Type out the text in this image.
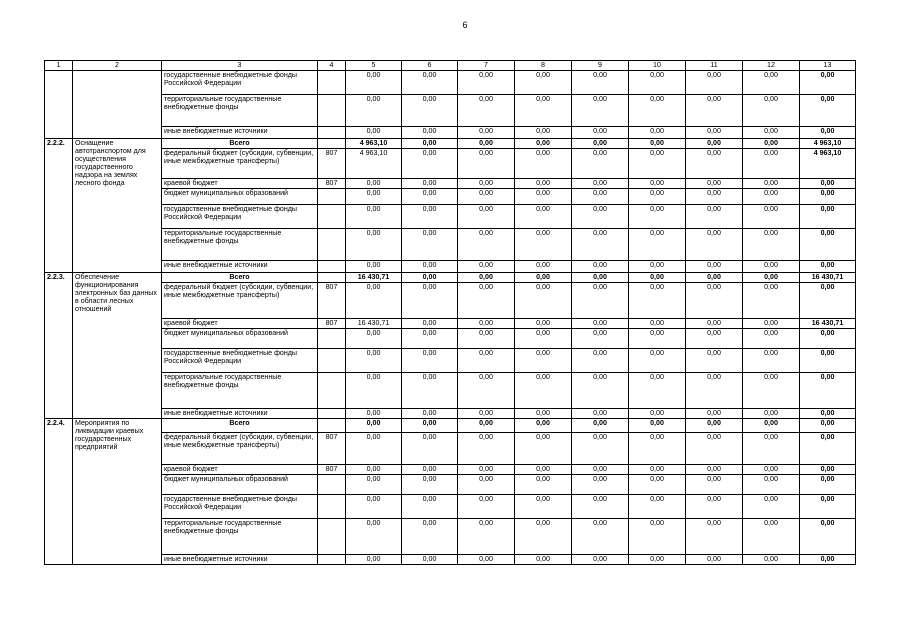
6
1	2	3	4	5	6	7	8	9	10	11	12	13
		государственные внебюджетные фонды Российской Федерации		0,00	0,00	0,00	0,00	0,00	0,00	0,00	0,00	0,00
		территориальные государственные внебюджетные фонды		0,00	0,00	0,00	0,00	0,00	0,00	0,00	0,00	0,00
		иные внебюджетные источники		0,00	0,00	0,00	0,00	0,00	0,00	0,00	0,00	0,00
2.2.2.	Оснащение автотранспортом для осуществления государственного надзора на землях лесного фонда	Всего		4 963,10	0,00	0,00	0,00	0,00	0,00	0,00	0,00	4 963,10
		федеральный бюджет (субсидии, субвенции, иные межбюджетные трансферты)	807	4 963,10	0,00	0,00	0,00	0,00	0,00	0,00	0,00	4 963,10
		краевой бюджет	807	0,00	0,00	0,00	0,00	0,00	0,00	0,00	0,00	0,00
		бюджет муниципальных образований		0,00	0,00	0,00	0,00	0,00	0,00	0,00	0,00	0,00
		государственные внебюджетные фонды Российской Федерации		0,00	0,00	0,00	0,00	0,00	0,00	0,00	0,00	0,00
		территориальные государственные внебюджетные фонды		0,00	0,00	0,00	0,00	0,00	0,00	0,00	0,00	0,00
		иные внебюджетные источники		0,00	0,00	0,00	0,00	0,00	0,00	0,00	0,00	0,00
2.2.3.	Обеспечение функционирования электронных баз данных в области лесных отношений	Всего		16 430,71	0,00	0,00	0,00	0,00	0,00	0,00	0,00	16 430,71
		федеральный бюджет (субсидии, субвенции, иные межбюджетные трансферты)	807	0,00	0,00	0,00	0,00	0,00	0,00	0,00	0,00	0,00
		краевой бюджет	807	16 430,71	0,00	0,00	0,00	0,00	0,00	0,00	0,00	16 430,71
		бюджет муниципальных образований		0,00	0,00	0,00	0,00	0,00	0,00	0,00	0,00	0,00
		государственные внебюджетные фонды Российской Федерации		0,00	0,00	0,00	0,00	0,00	0,00	0,00	0,00	0,00
		территориальные государственные внебюджетные фонды		0,00	0,00	0,00	0,00	0,00	0,00	0,00	0,00	0,00
		иные внебюджетные источники		0,00	0,00	0,00	0,00	0,00	0,00	0,00	0,00	0,00
2.2.4.	Мероприятия по ликвидации краевых государственных предприятий	Всего		0,00	0,00	0,00	0,00	0,00	0,00	0,00	0,00	0,00
		федеральный бюджет (субсидии, субвенции, иные межбюджетные трансферты)	807	0,00	0,00	0,00	0,00	0,00	0,00	0,00	0,00	0,00
		краевой бюджет	807	0,00	0,00	0,00	0,00	0,00	0,00	0,00	0,00	0,00
		бюджет муниципальных образований		0,00	0,00	0,00	0,00	0,00	0,00	0,00	0,00	0,00
		государственные внебюджетные фонды Российской Федерации		0,00	0,00	0,00	0,00	0,00	0,00	0,00	0,00	0,00
		территориальные государственные внебюджетные фонды		0,00	0,00	0,00	0,00	0,00	0,00	0,00	0,00	0,00
		иные внебюджетные источники		0,00	0,00	0,00	0,00	0,00	0,00	0,00	0,00	0,00
